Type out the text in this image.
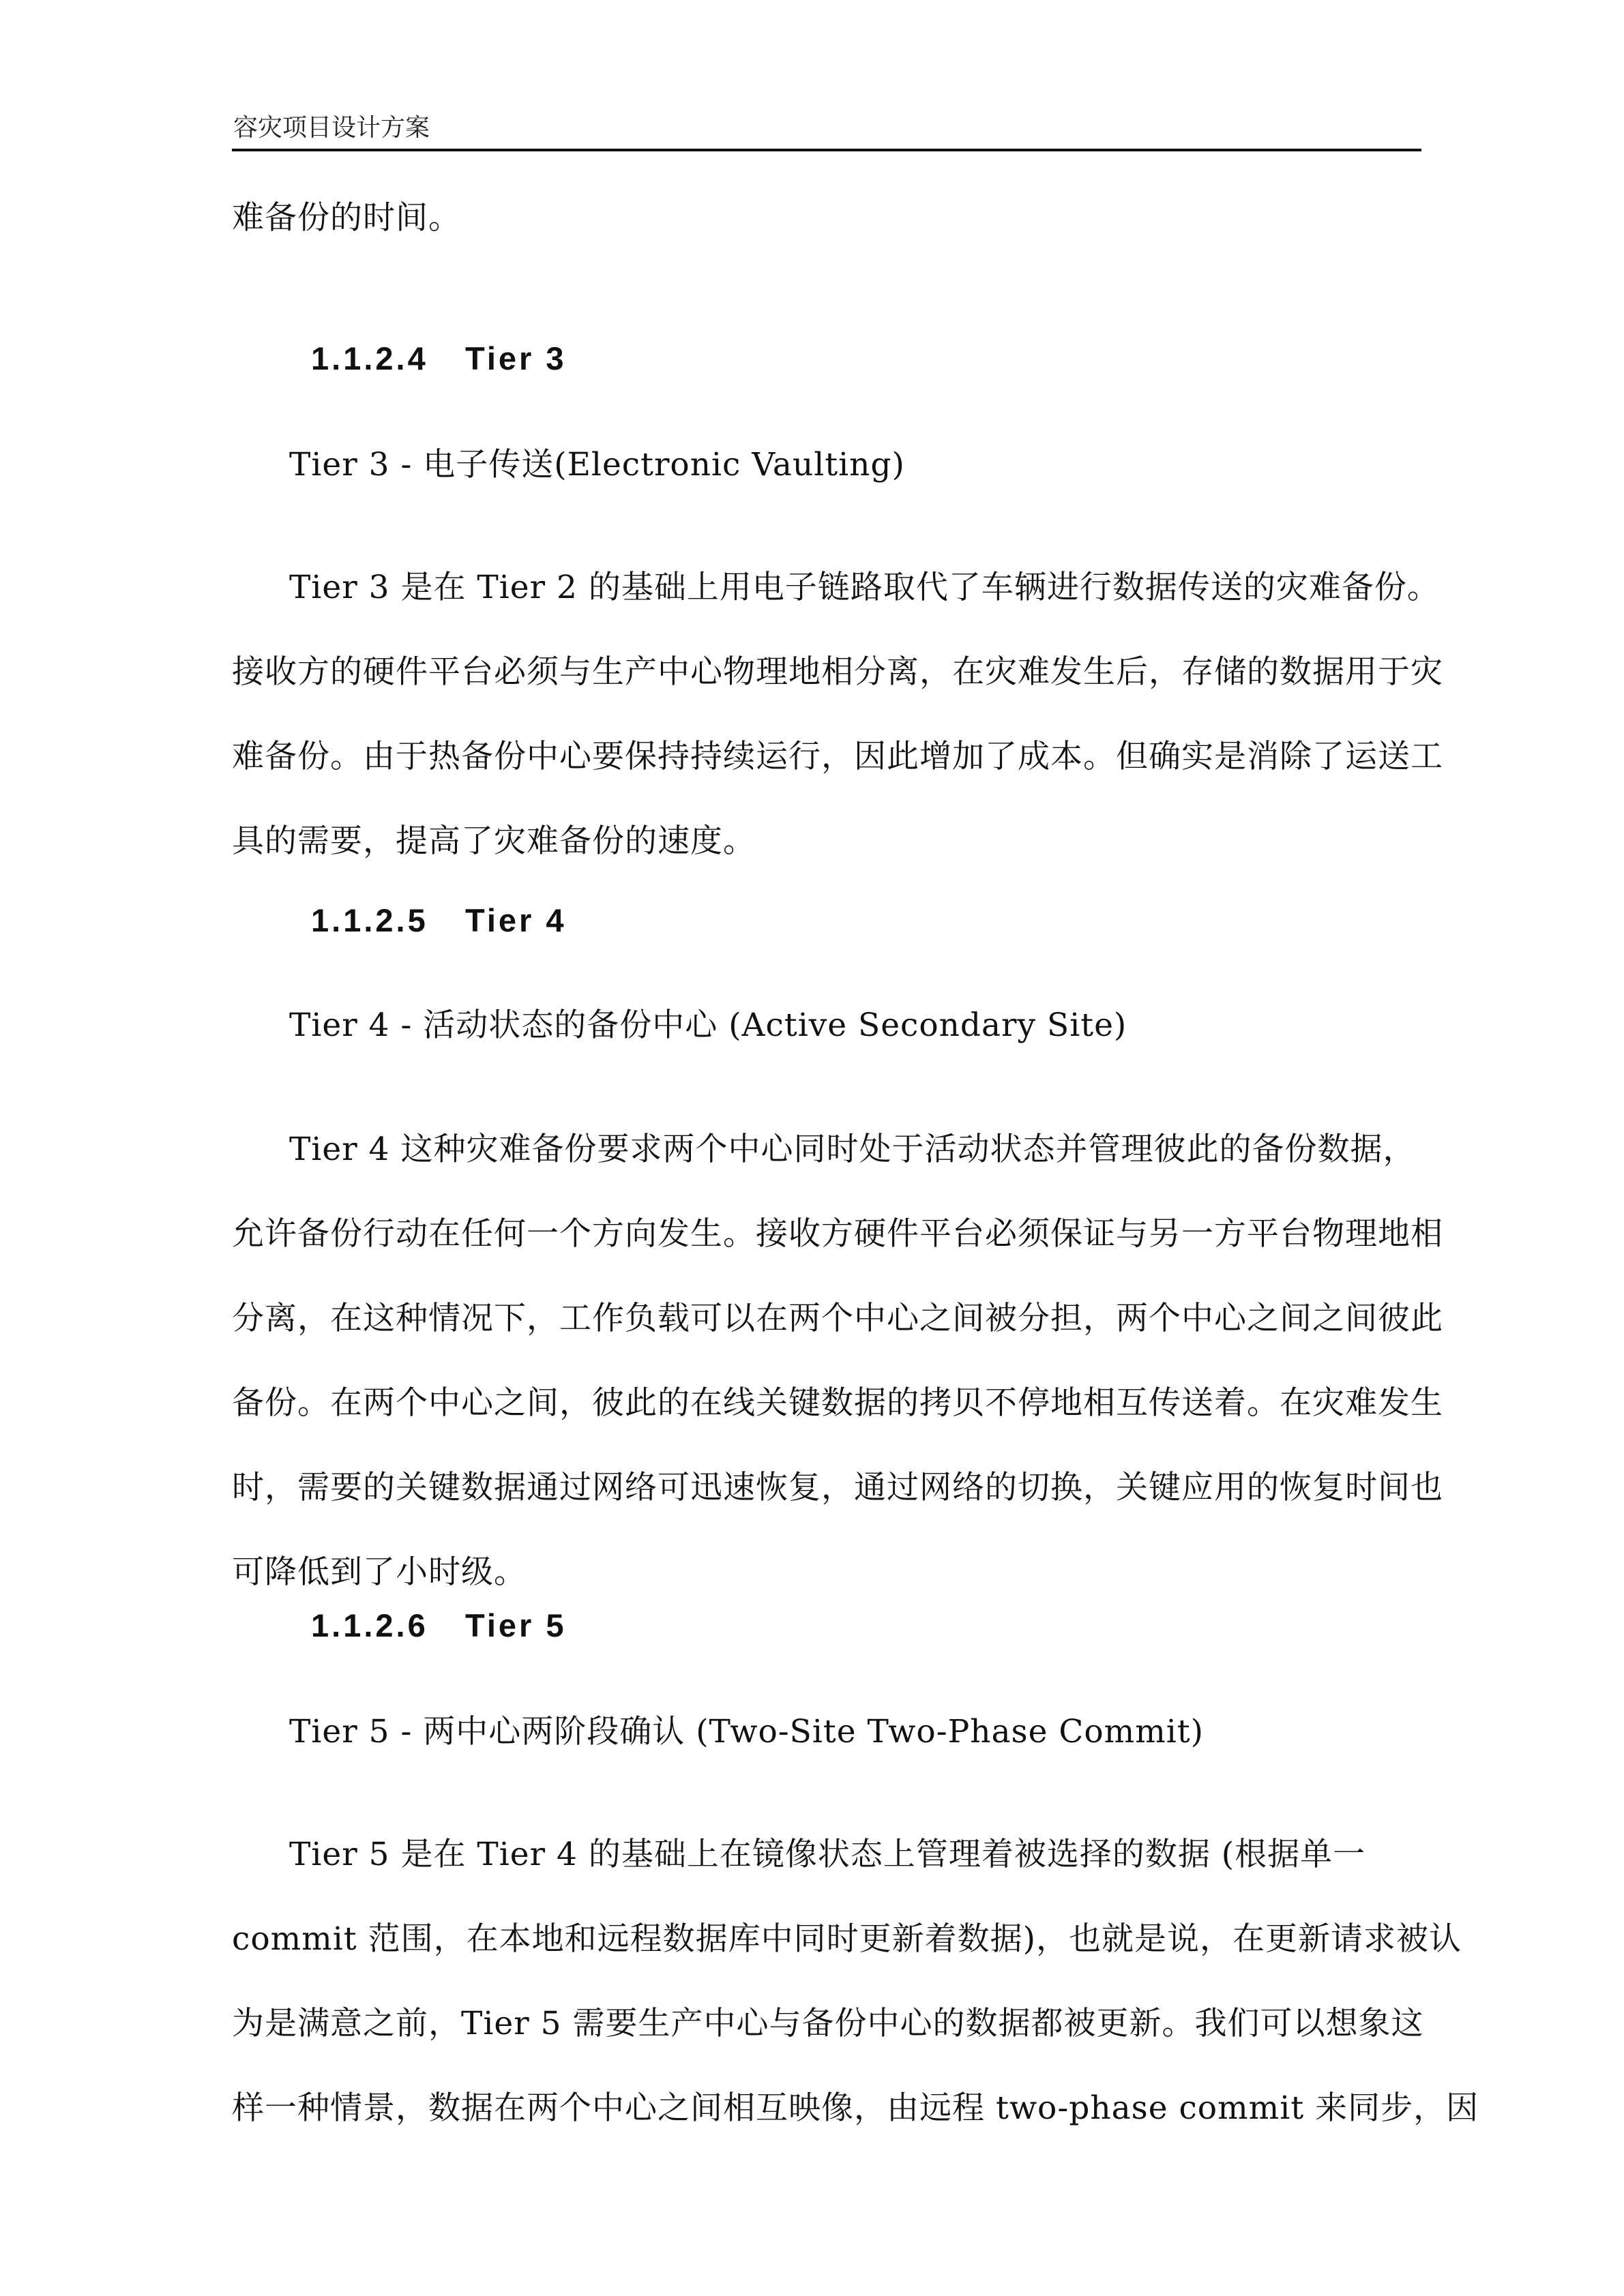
容灾项目设计方案
难备份的时间。
1.1.2.4 Tier 3
Tier 3 - 电子传送(Electronic Vaulting)
Tier 3 是在 Tier 2 的基础上用电子链路取代了车辆进行数据传送的灾难备份。
接收方的硬件平台必须与生产中心物理地相分离，在灾难发生后，存储的数据用于灾
难备份。由于热备份中心要保持持续运行，因此增加了成本。但确实是消除了运送工
具的需要，提高了灾难备份的速度。
1.1.2.5 Tier 4
Tier 4 - 活动状态的备份中心 (Active Secondary Site)
Tier 4 这种灾难备份要求两个中心同时处于活动状态并管理彼此的备份数据，
允许备份行动在任何一个方向发生。接收方硬件平台必须保证与另一方平台物理地相
分离，在这种情况下，工作负载可以在两个中心之间被分担，两个中心之间之间彼此
备份。在两个中心之间，彼此的在线关键数据的拷贝不停地相互传送着。在灾难发生
时，需要的关键数据通过网络可迅速恢复，通过网络的切换，关键应用的恢复时间也
可降低到了小时级。
1.1.2.6 Tier 5
Tier 5 - 两中心两阶段确认 (Two-Site Two-Phase Commit)
Tier 5 是在 Tier 4 的基础上在镜像状态上管理着被选择的数据 (根据单一
commit 范围，在本地和远程数据库中同时更新着数据)，也就是说，在更新请求被认
为是满意之前，Tier 5 需要生产中心与备份中心的数据都被更新。我们可以想象这
样一种情景，数据在两个中心之间相互映像，由远程 two-phase commit 来同步，因
